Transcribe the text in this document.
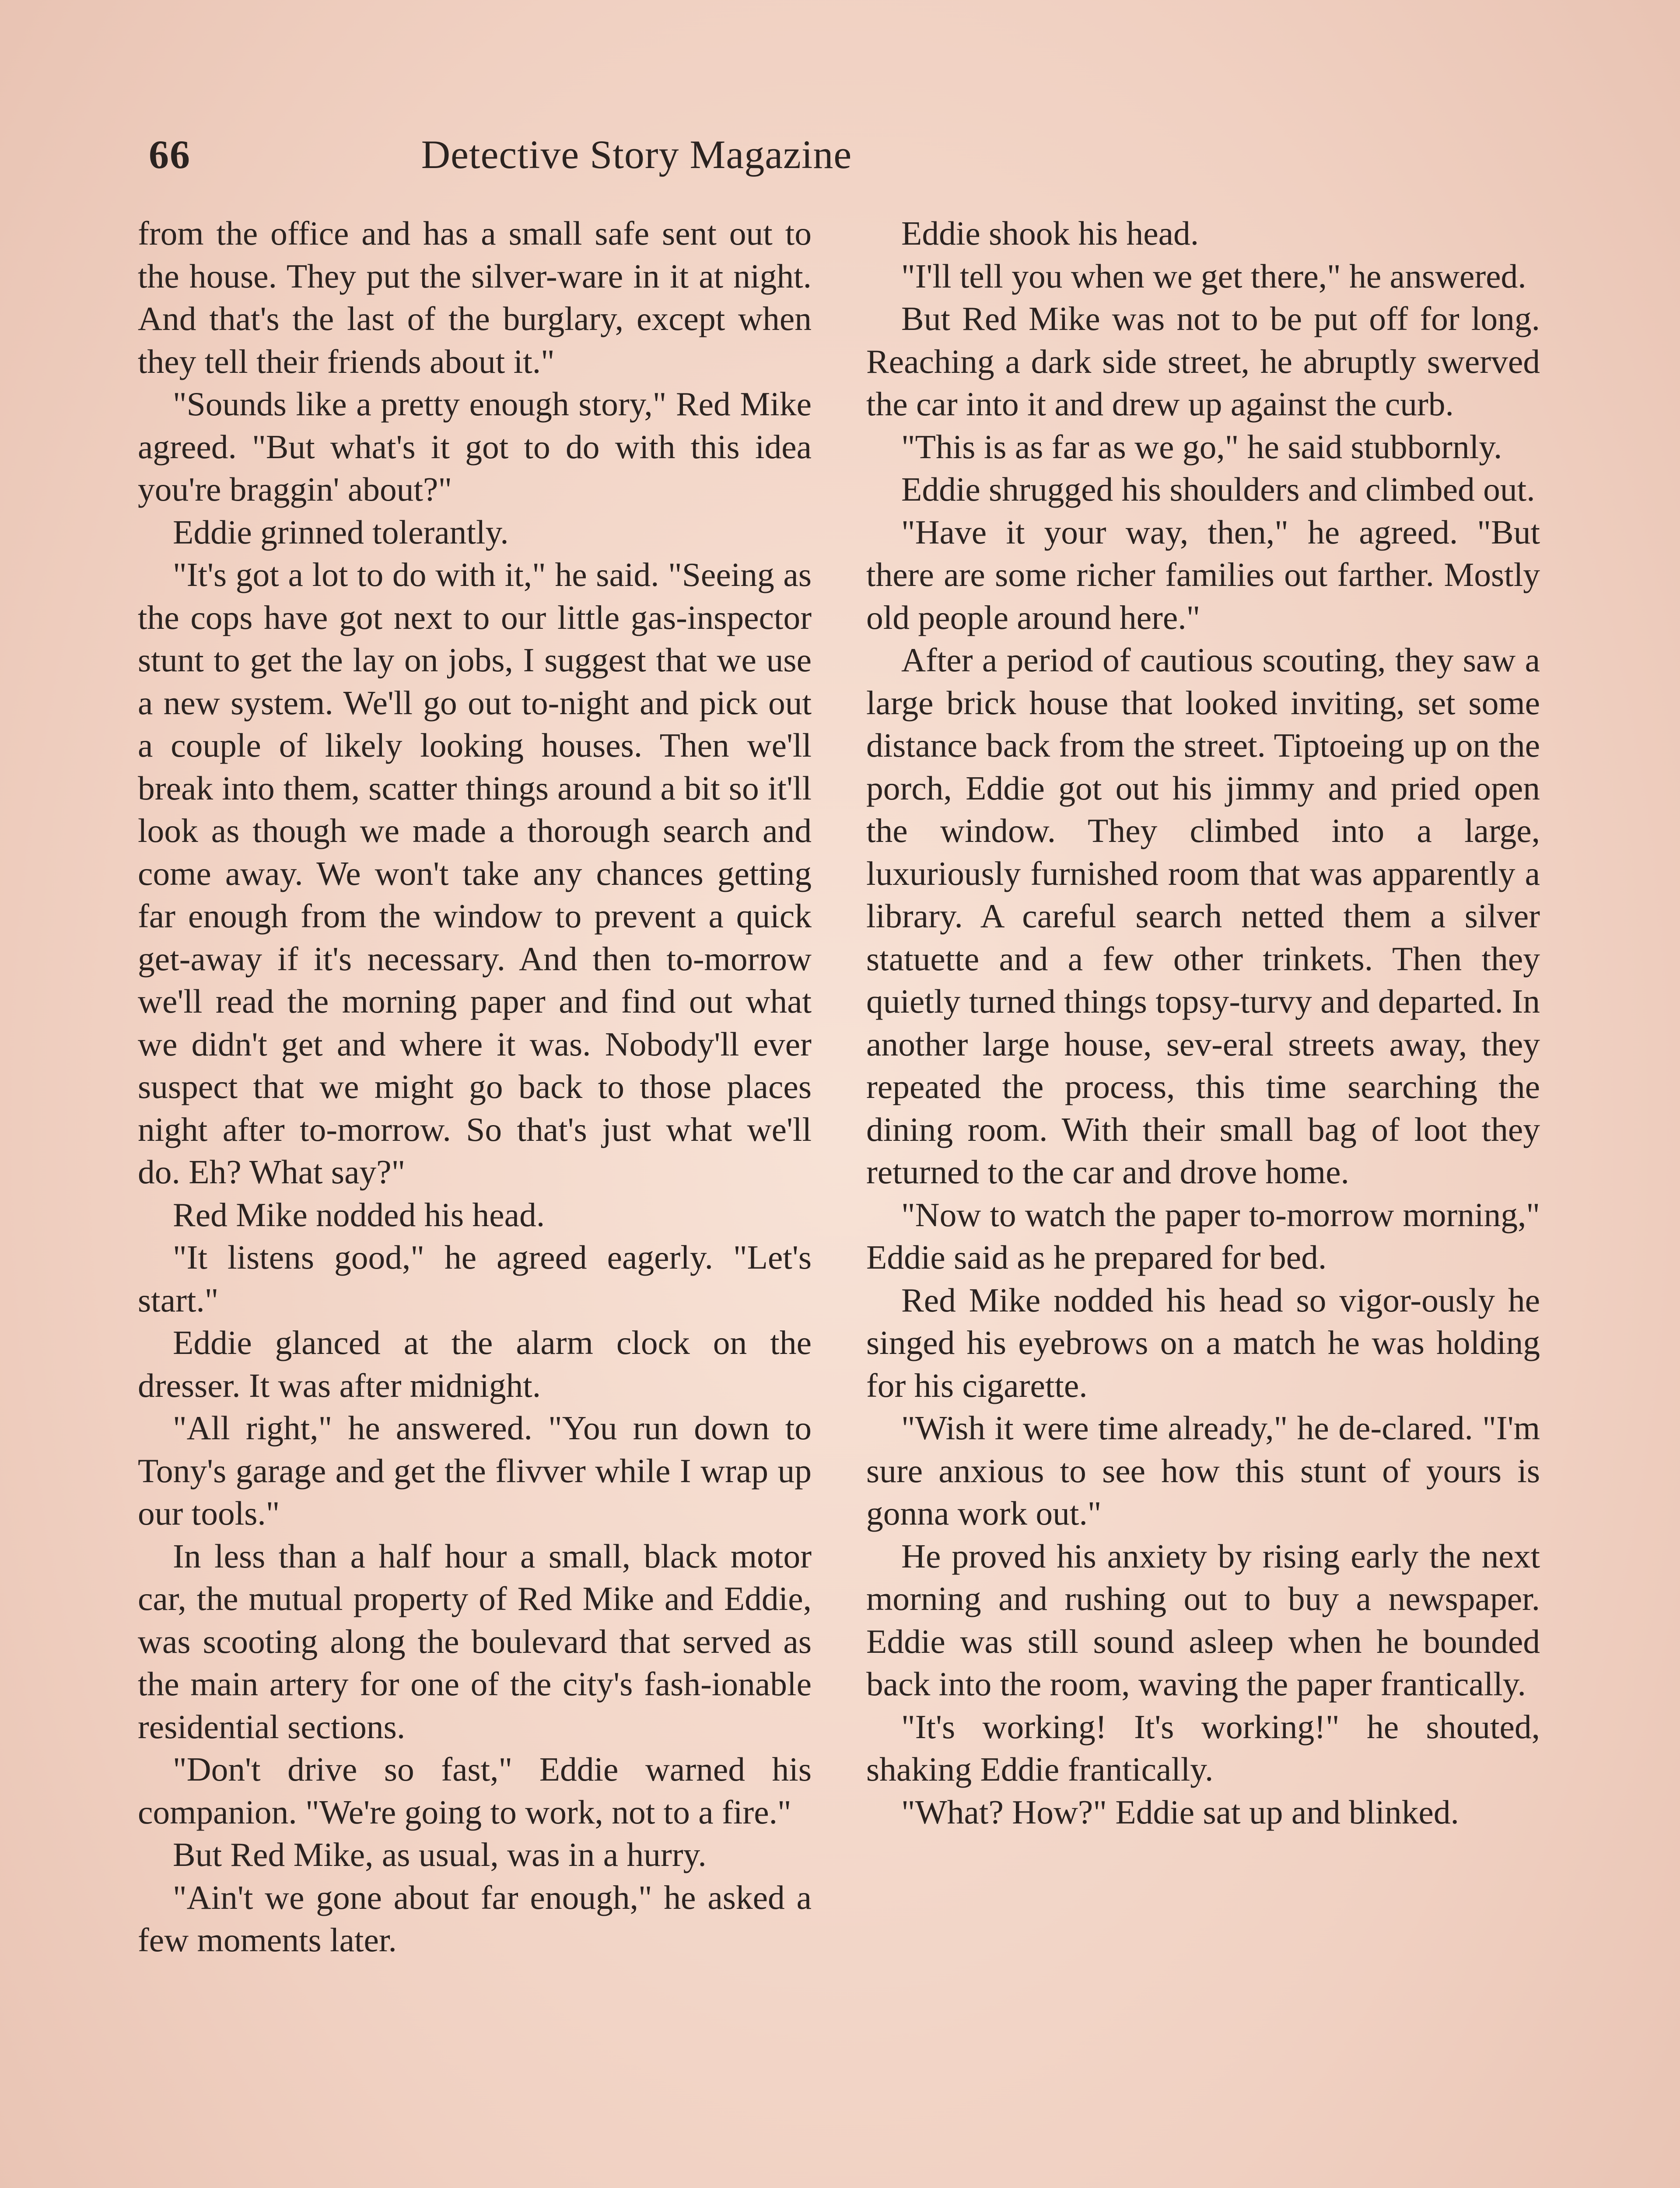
66	Detective Story Magazine

from the office and has a small safe sent out to the house. They put the silver-ware in it at night. And that's the last of the burglary, except when they tell their friends about it."

"Sounds like a pretty enough story," Red Mike agreed. "But what's it got to do with this idea you're braggin' about?"

Eddie grinned tolerantly.

"It's got a lot to do with it," he said. "Seeing as the cops have got next to our little gas-inspector stunt to get the lay on jobs, I suggest that we use a new system. We'll go out to-night and pick out a couple of likely looking houses. Then we'll break into them, scatter things around a bit so it'll look as though we made a thorough search and come away. We won't take any chances getting far enough from the window to prevent a quick get-away if it's necessary. And then to-morrow we'll read the morning paper and find out what we didn't get and where it was. Nobody'll ever suspect that we might go back to those places night after to-morrow. So that's just what we'll do. Eh? What say?"

Red Mike nodded his head.

"It listens good," he agreed eagerly. "Let's start."

Eddie glanced at the alarm clock on the dresser. It was after midnight.

"All right," he answered. "You run down to Tony's garage and get the flivver while I wrap up our tools."

In less than a half hour a small, black motor car, the mutual property of Red Mike and Eddie, was scooting along the boulevard that served as the main artery for one of the city's fash-ionable residential sections.

"Don't drive so fast," Eddie warned his companion. "We're going to work, not to a fire."

But Red Mike, as usual, was in a hurry.

"Ain't we gone about far enough," he asked a few moments later.

Eddie shook his head.

"I'll tell you when we get there," he answered.

But Red Mike was not to be put off for long. Reaching a dark side street, he abruptly swerved the car into it and drew up against the curb.

"This is as far as we go," he said stubbornly.

Eddie shrugged his shoulders and climbed out.

"Have it your way, then," he agreed. "But there are some richer families out farther. Mostly old people around here."

After a period of cautious scouting, they saw a large brick house that looked inviting, set some distance back from the street. Tiptoeing up on the porch, Eddie got out his jimmy and pried open the window. They climbed into a large, luxuriously furnished room that was apparently a library. A careful search netted them a silver statuette and a few other trinkets. Then they quietly turned things topsy-turvy and departed. In another large house, sev-eral streets away, they repeated the process, this time searching the dining room. With their small bag of loot they returned to the car and drove home.

"Now to watch the paper to-morrow morning," Eddie said as he prepared for bed.

Red Mike nodded his head so vigor-ously he singed his eyebrows on a match he was holding for his cigarette.

"Wish it were time already," he de-clared. "I'm sure anxious to see how this stunt of yours is gonna work out."

He proved his anxiety by rising early the next morning and rushing out to buy a newspaper. Eddie was still sound asleep when he bounded back into the room, waving the paper frantically.

"It's working! It's working!" he shouted, shaking Eddie frantically.

"What? How?" Eddie sat up and blinked.
